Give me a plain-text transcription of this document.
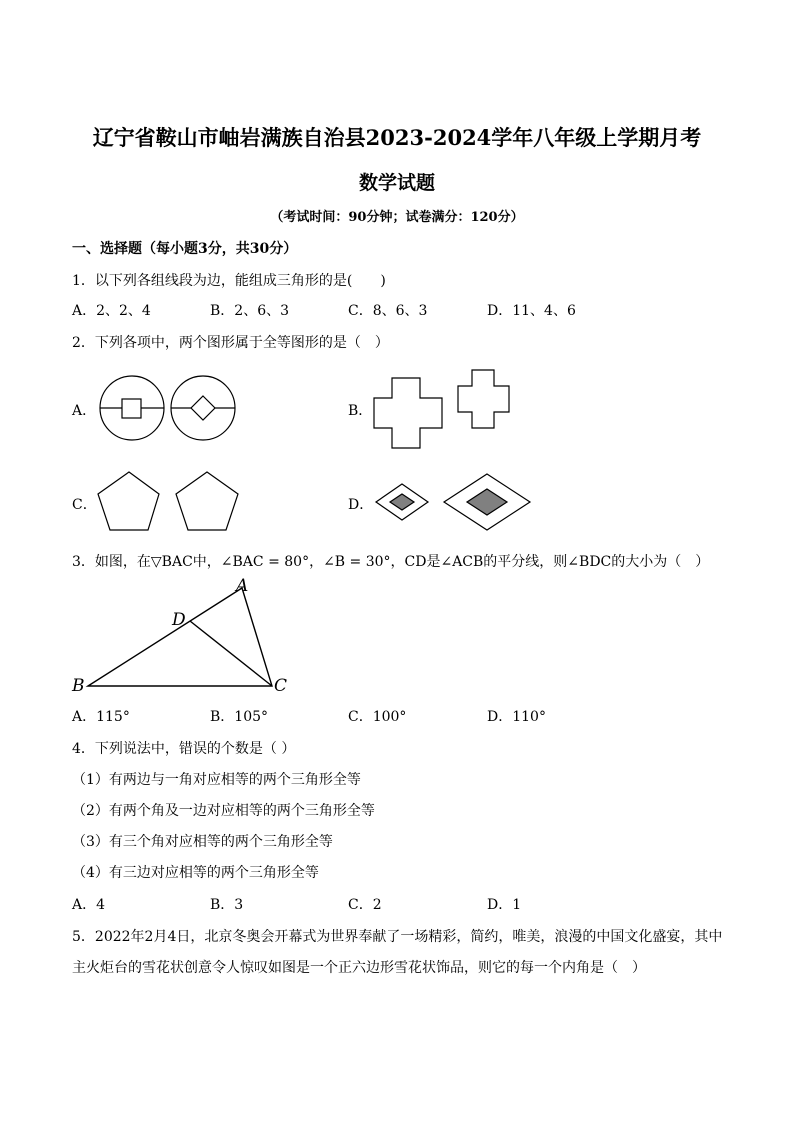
辽宁省鞍山市岫岩满族自治县2023-2024学年八年级上学期月考
数学试题
（考试时间：90分钟；试卷满分：120分）
一、选择题（每小题3分，共30分）
1．以下列各组线段为边，能组成三角形的是(　　)
A．2、2、4	B．2、6、3	C．8、6、3	D．11、4、6
2．下列各项中，两个图形属于全等图形的是（　）
A．	B．
C．	D．
3．如图，在▽BAC中，∠BAC = 80°，∠B = 30°，CD是∠ACB的平分线，则∠BDC的大小为（　）
A
D
B	C
A．115°	B．105°	C．100°	D．110°
4．下列说法中，错误的个数是（ ）
（1）有两边与一角对应相等的两个三角形全等
（2）有两个角及一边对应相等的两个三角形全等
（3）有三个角对应相等的两个三角形全等
（4）有三边对应相等的两个三角形全等
A．4	B．3	C．2	D．1
5．2022年2月4日，北京冬奥会开幕式为世界奉献了一场精彩，简约，唯美，浪漫的中国文化盛宴，其中
主火炬台的雪花状创意令人惊叹如图是一个正六边形雪花状饰品，则它的每一个内角是（　）
